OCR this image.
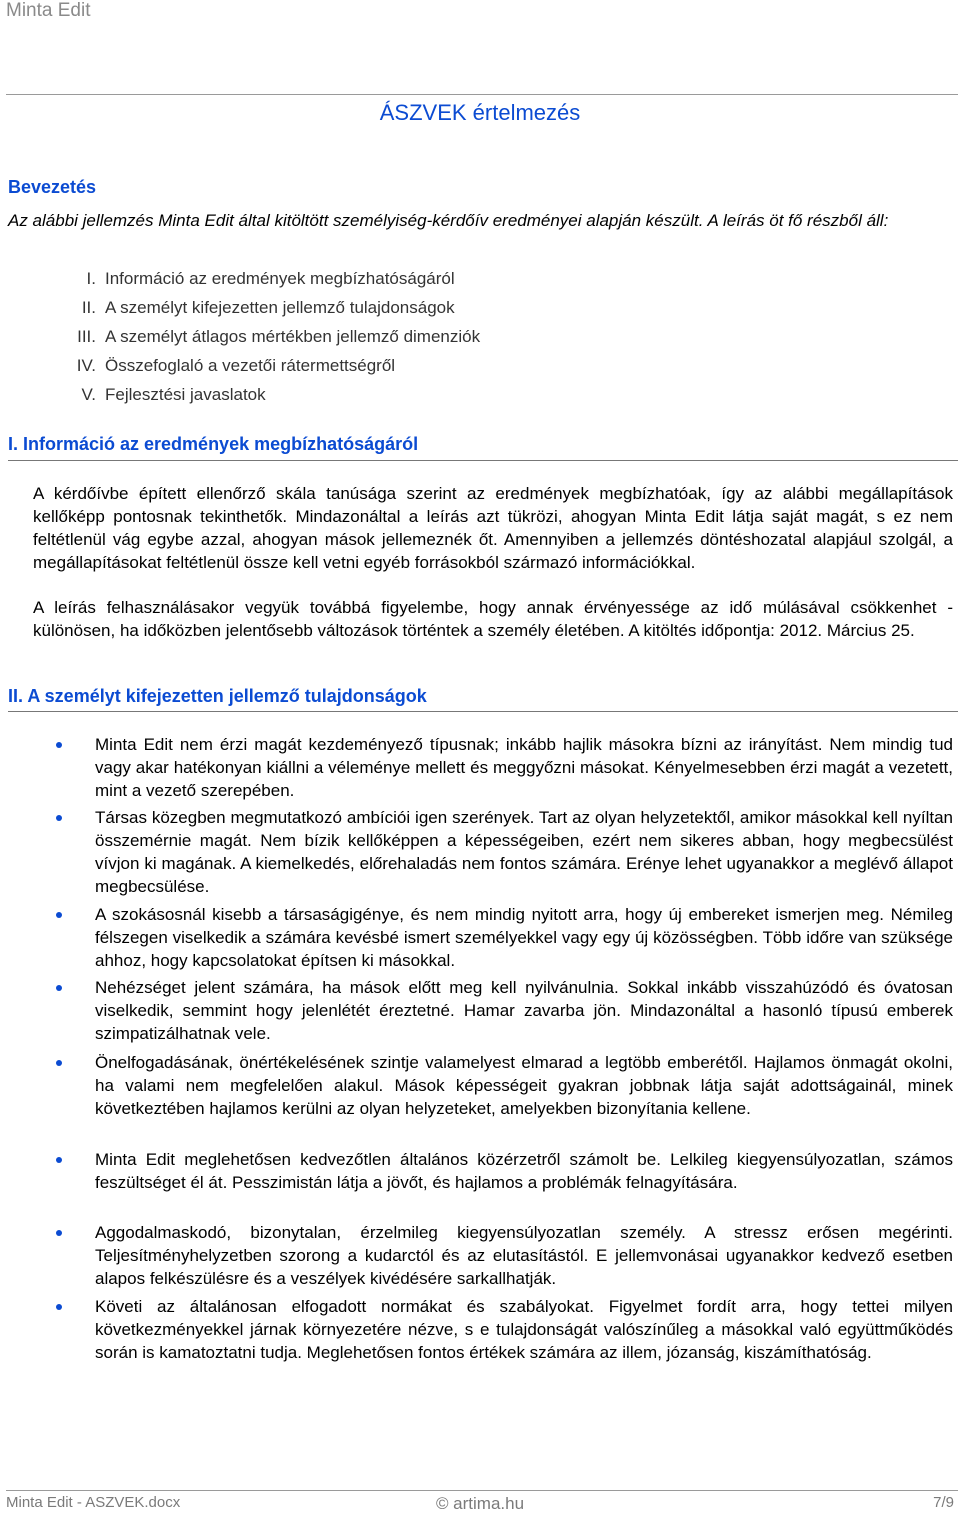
Minta Edit
ÁSZVEK értelmezés
Bevezetés
Az alábbi jellemzés Minta Edit által kitöltött személyiség-kérdőív eredményei alapján készült. A leírás öt fő részből áll:
I. Információ az eredmények megbízhatóságáról
II. A személyt kifejezetten jellemző tulajdonságok
III. A személyt átlagos mértékben jellemző dimenziók
IV. Összefoglaló a vezetői rátermettségről
V. Fejlesztési javaslatok
I. Információ az eredmények megbízhatóságáról
A kérdőívbe épített ellenőrző skála tanúsága szerint az eredmények megbízhatóak, így az alábbi megállapítások kellőképp pontosnak tekinthetők. Mindazonáltal a leírás azt tükrözi, ahogyan Minta Edit látja saját magát, s ez nem feltétlenül vág egybe azzal, ahogyan mások jellemeznék őt. Amennyiben a jellemzés döntéshozatal alapjául szolgál, a megállapításokat feltétlenül össze kell vetni egyéb forrásokból származó információkkal.
A leírás felhasználásakor vegyük továbbá figyelembe, hogy annak érvényessége az idő múlásával csökkenhet - különösen, ha időközben jelentősebb változások történtek a személy életében. A kitöltés időpontja: 2012. Március 25.
II. A személyt kifejezetten jellemző tulajdonságok
Minta Edit nem érzi magát kezdeményező típusnak; inkább hajlik másokra bízni az irányítást. Nem mindig tud vagy akar hatékonyan kiállni a véleménye mellett és meggyőzni másokat. Kényelmesebben érzi magát a vezetett, mint a vezető szerepében.
Társas közegben megmutatkozó ambíciói igen szerények. Tart az olyan helyzetektől, amikor másokkal kell nyíltan összemérnie magát. Nem bízik kellőképpen a képességeiben, ezért nem sikeres abban, hogy megbecsülést vívjon ki magának. A kiemelkedés, előrehaladás nem fontos számára. Erénye lehet ugyanakkor a meglévő állapot megbecsülése.
A szokásosnál kisebb a társaságigénye, és nem mindig nyitott arra, hogy új embereket ismerjen meg. Némileg félszegen viselkedik a számára kevésbé ismert személyekkel vagy egy új közösségben. Több időre van szüksége ahhoz, hogy kapcsolatokat építsen ki másokkal.
Nehézséget jelent számára, ha mások előtt meg kell nyilvánulnia. Sokkal inkább visszahúzódó és óvatosan viselkedik, semmint hogy jelenlétét éreztetné. Hamar zavarba jön. Mindazonáltal a hasonló típusú emberek szimpatizálhatnak vele.
Önelfogadásának, önértékelésének szintje valamelyest elmarad a legtöbb emberétől. Hajlamos önmagát okolni, ha valami nem megfelelően alakul. Mások képességeit gyakran jobbnak látja saját adottságainál, minek következtében hajlamos kerülni az olyan helyzeteket, amelyekben bizonyítania kellene.
Minta Edit meglehetősen kedvezőtlen általános közérzetről számolt be. Lelkileg kiegyensúlyozatlan, számos feszültséget él át. Pesszimistán látja a jövőt, és hajlamos a problémák felnagyítására.
Aggodalmaskodó, bizonytalan, érzelmileg kiegyensúlyozatlan személy. A stressz erősen megérinti. Teljesítményhelyzetben szorong a kudarctól és az elutasítástól. E jellemvonásai ugyanakkor kedvező esetben alapos felkészülésre és a veszélyek kivédésére sarkallhatják.
Követi az általánosan elfogadott normákat és szabályokat. Figyelmet fordít arra, hogy tettei milyen következményekkel járnak környezetére nézve, s e tulajdonságát valószínűleg a másokkal való együttműködés során is kamatoztatni tudja. Meglehetősen fontos értékek számára az illem, józanság, kiszámíthatóság.
Minta Edit - ASZVEK.docx	© artima.hu	7/9
